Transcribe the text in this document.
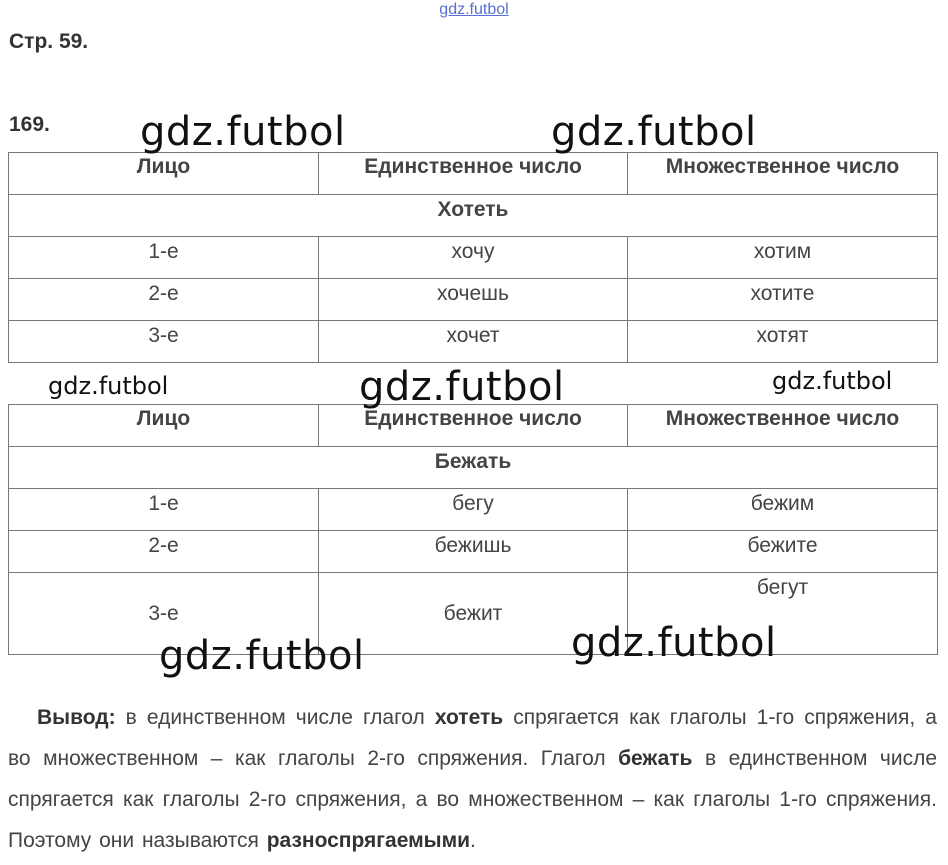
gdz.futbol
Стр. 59.
169.
Лицо	Единственное число	Множественное число
Хотеть		
1-е	хочу	хотим
2-е	хочешь	хотите
3-е	хочет	хотят
Лицо	Единственное число	Множественное число
Бежать		
1-е	бегу	бежим
2-е	бежишь	бежите
3-е	бежит	бегут
gdz.futbol	gdz.futbol
gdz.futbol	gdz.futbol	gdz.futbol
gdz.futbol	gdz.futbol
Вывод: в единственном числе глагол хотеть спрягается как глаголы 1-го спряжения, а во множественном – как глаголы 2-го спряжения. Глагол бежать в единственном числе спрягается как глаголы 2-го спряжения, а во множественном – как глаголы 1-го спряжения. Поэтому они называются разноспрягаемыми.
